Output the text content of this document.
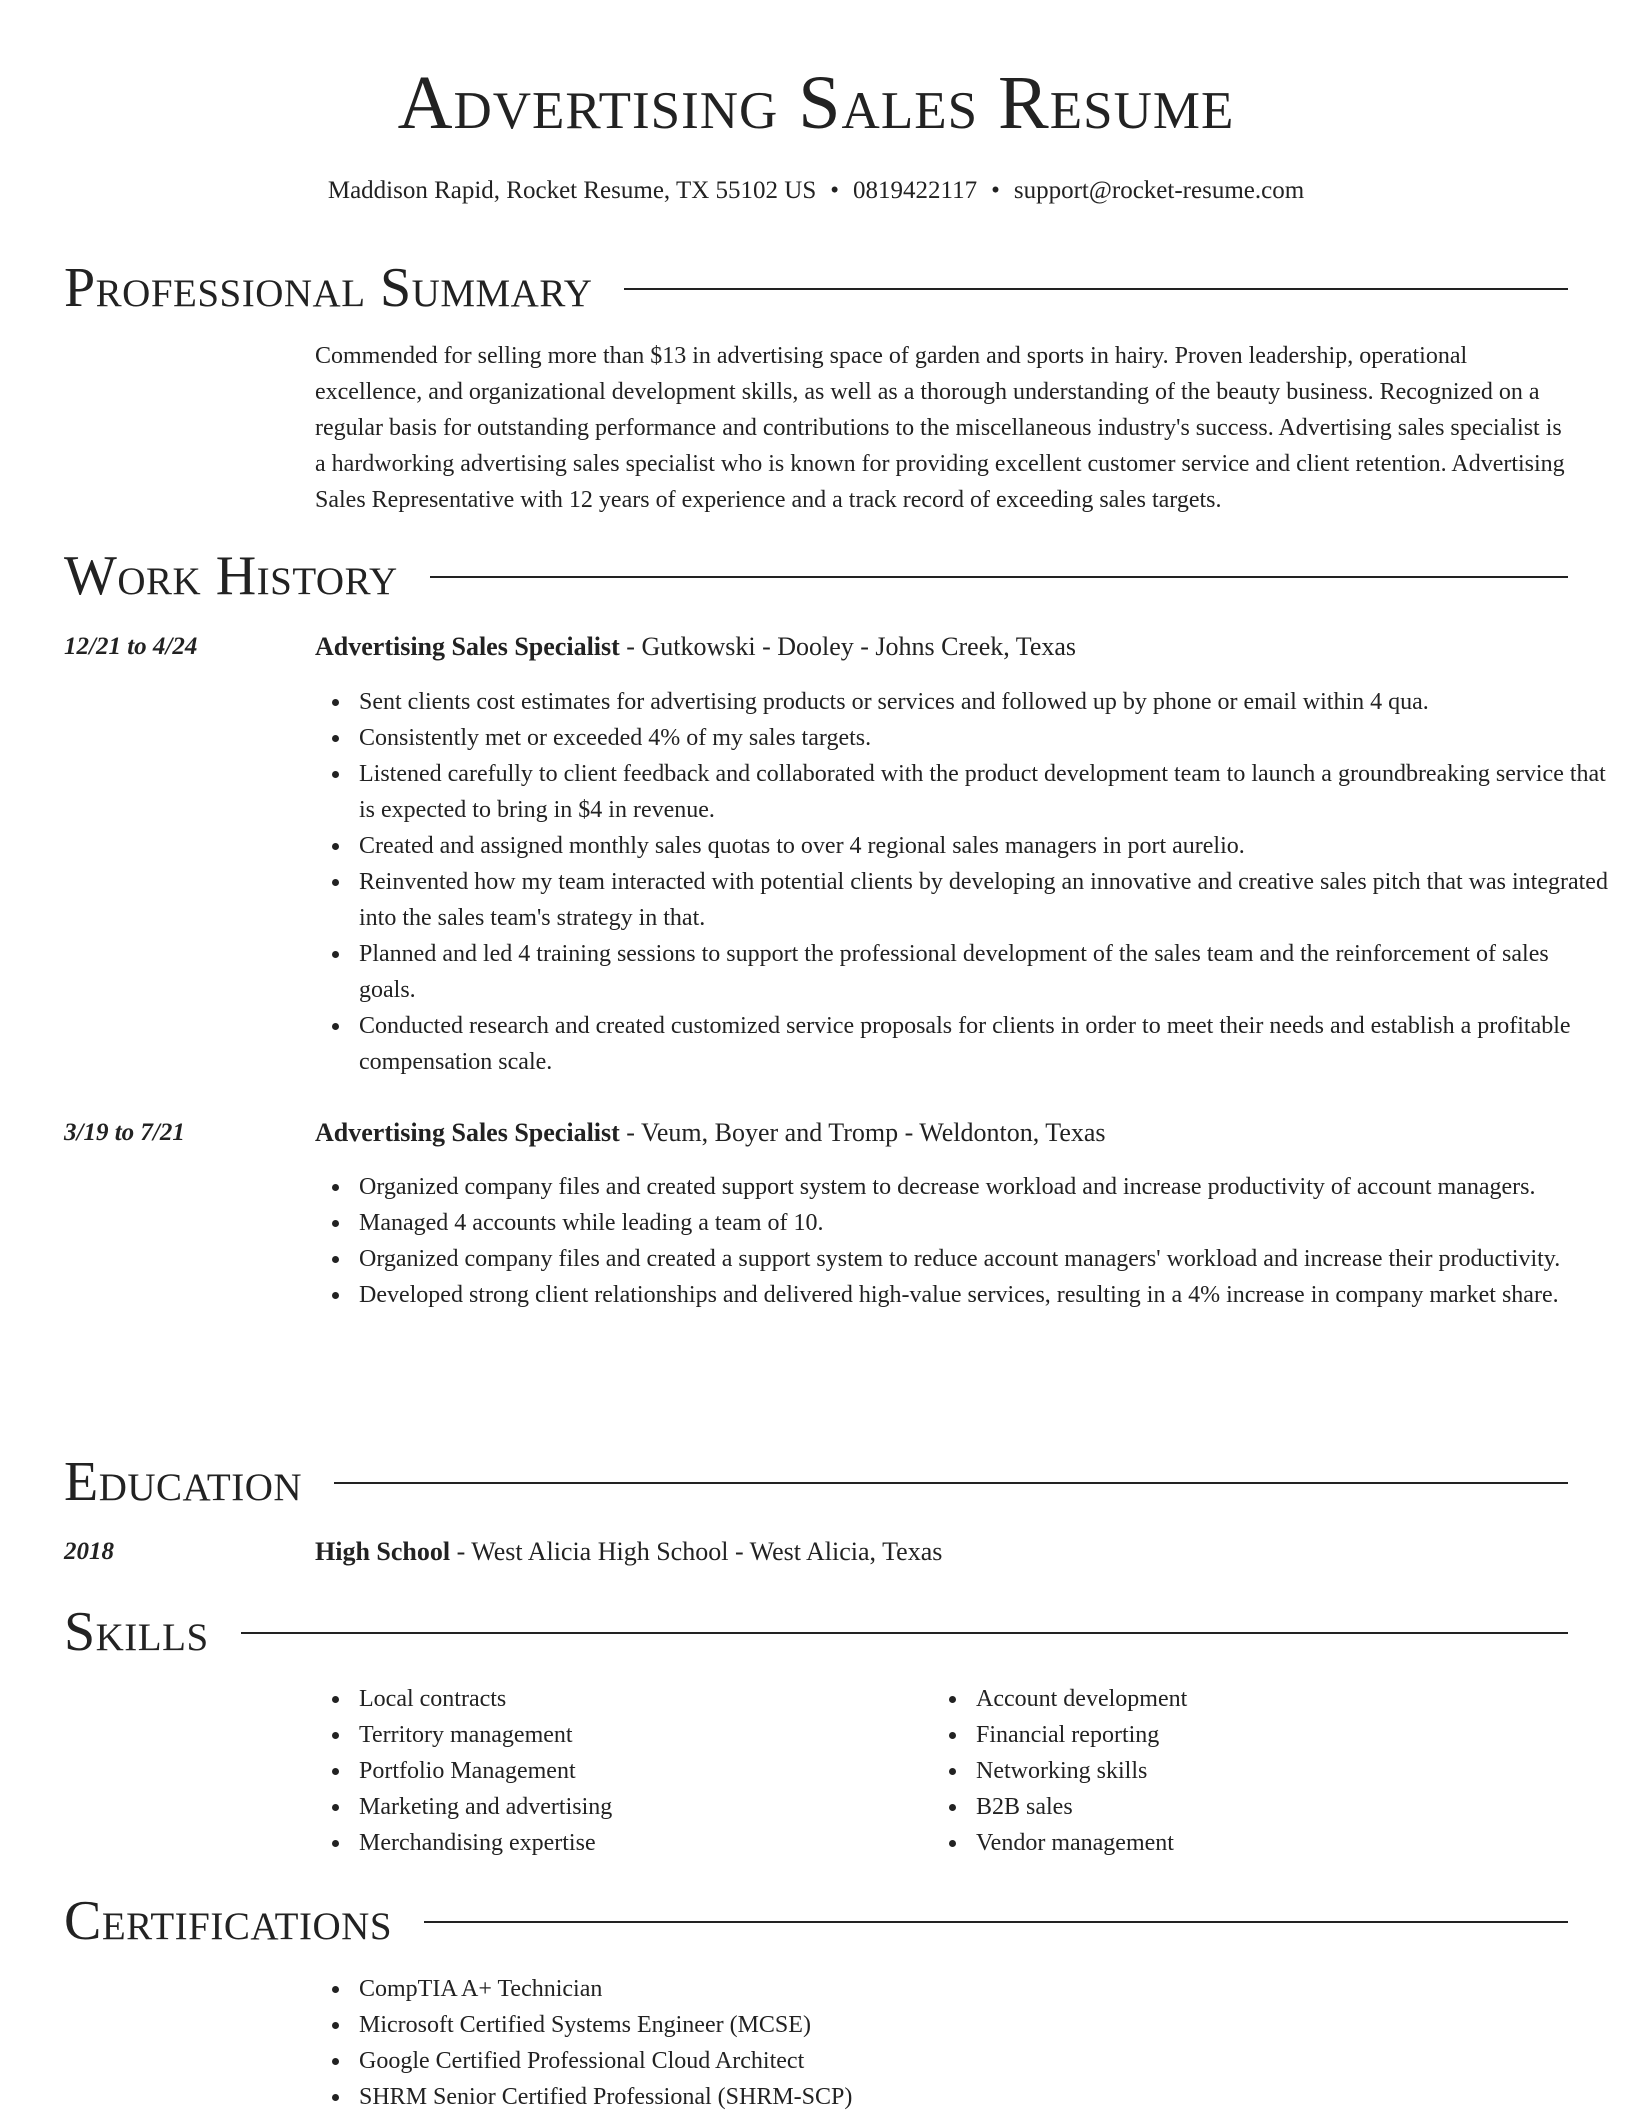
Advertising Sales Resume
Maddison Rapid, Rocket Resume, TX 55102 US • 0819422117 • support@rocket-resume.com
Professional Summary

Commended for selling more than $13 in advertising space of garden and sports in hairy. Proven leadership, operational excellence, and organizational development skills, as well as a thorough understanding of the beauty business. Recognized on a regular basis for outstanding performance and contributions to the miscellaneous industry's success. Advertising sales specialist is a hardworking advertising sales specialist who is known for providing excellent customer service and client retention. Advertising Sales Representative with 12 years of experience and a track record of exceeding sales targets.

Work History
12/21 to 4/24	Advertising Sales Specialist - Gutkowski - Dooley - Johns Creek, Texas
Sent clients cost estimates for advertising products or services and followed up by phone or email within 4 qua.
Consistently met or exceeded 4% of my sales targets.
Listened carefully to client feedback and collaborated with the product development team to launch a groundbreaking service that is expected to bring in $4 in revenue.
Created and assigned monthly sales quotas to over 4 regional sales managers in port aurelio.
Reinvented how my team interacted with potential clients by developing an innovative and creative sales pitch that was integrated into the sales team's strategy in that.
Planned and led 4 training sessions to support the professional development of the sales team and the reinforcement of sales goals.
Conducted research and created customized service proposals for clients in order to meet their needs and establish a profitable compensation scale.
3/19 to 7/21	Advertising Sales Specialist - Veum, Boyer and Tromp - Weldonton, Texas
Organized company files and created support system to decrease workload and increase productivity of account managers.
Managed 4 accounts while leading a team of 10.
Organized company files and created a support system to reduce account managers' workload and increase their productivity.
Developed strong client relationships and delivered high-value services, resulting in a 4% increase in company market share.
Education
2018	High School - West Alicia High School - West Alicia, Texas
Skills
Local contracts
Territory management
Portfolio Management
Marketing and advertising
Merchandising expertise
Account development
Financial reporting
Networking skills
B2B sales
Vendor management
Certifications
CompTIA A+ Technician
Microsoft Certified Systems Engineer (MCSE)
Google Certified Professional Cloud Architect
SHRM Senior Certified Professional (SHRM-SCP)
